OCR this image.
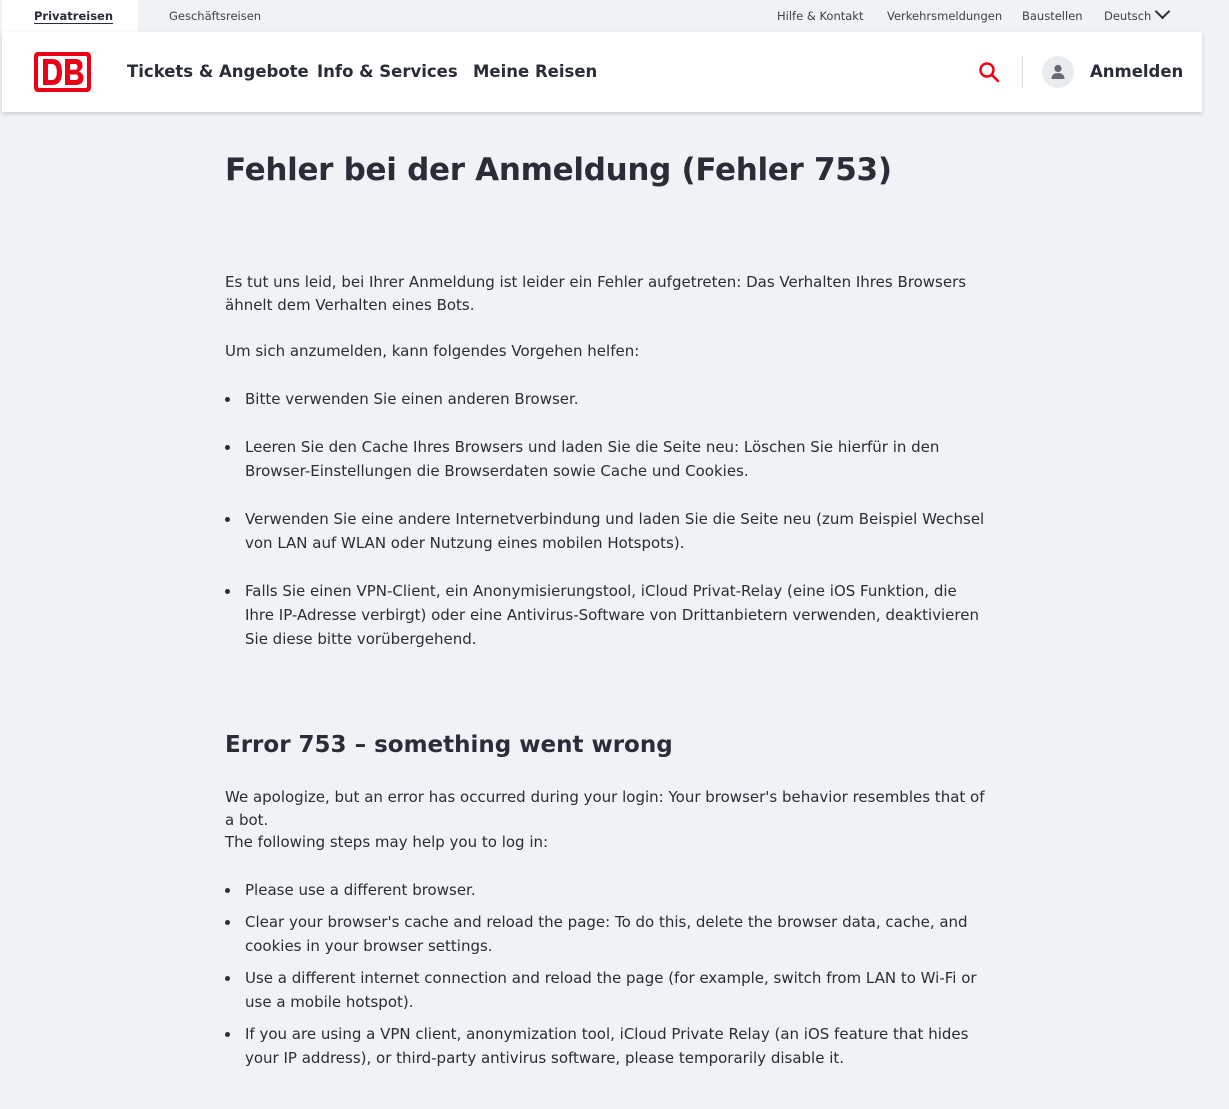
Privatreisen	Geschäftsreisen	Hilfe & Kontakt Verkehrsmeldungen Baustellen Deutsch
Tickets & Angebote Info & Services Meine Reisen	Anmelden
Fehler bei der Anmeldung (Fehler 753)

Es tut uns leid, bei Ihrer Anmeldung ist leider ein Fehler aufgetreten: Das Verhalten Ihres Browsers ähnelt dem Verhalten eines Bots.

Um sich anzumelden, kann folgendes Vorgehen helfen:

Bitte verwenden Sie einen anderen Browser.
Leeren Sie den Cache Ihres Browsers und laden Sie die Seite neu: Löschen Sie hierfür in den Browser-Einstellungen die Browserdaten sowie Cache und Cookies.
Verwenden Sie eine andere Internetverbindung und laden Sie die Seite neu (zum Beispiel Wechsel von LAN auf WLAN oder Nutzung eines mobilen Hotspots).
Falls Sie einen VPN-Client, ein Anonymisierungstool, iCloud Privat-Relay (eine iOS Funktion, die Ihre IP-Adresse verbirgt) oder eine Antivirus-Software von Drittanbietern verwenden, deaktivieren Sie diese bitte vorübergehend.
Error 753 – something went wrong

We apologize, but an error has occurred during your login: Your browser's behavior resembles that of a bot.

The following steps may help you to log in:

Please use a different browser.
Clear your browser's cache and reload the page: To do this, delete the browser data, cache, and cookies in your browser settings.
Use a different internet connection and reload the page (for example, switch from LAN to Wi-Fi or use a mobile hotspot).
If you are using a VPN client, anonymization tool, iCloud Private Relay (an iOS feature that hides your IP address), or third-party antivirus software, please temporarily disable it.
